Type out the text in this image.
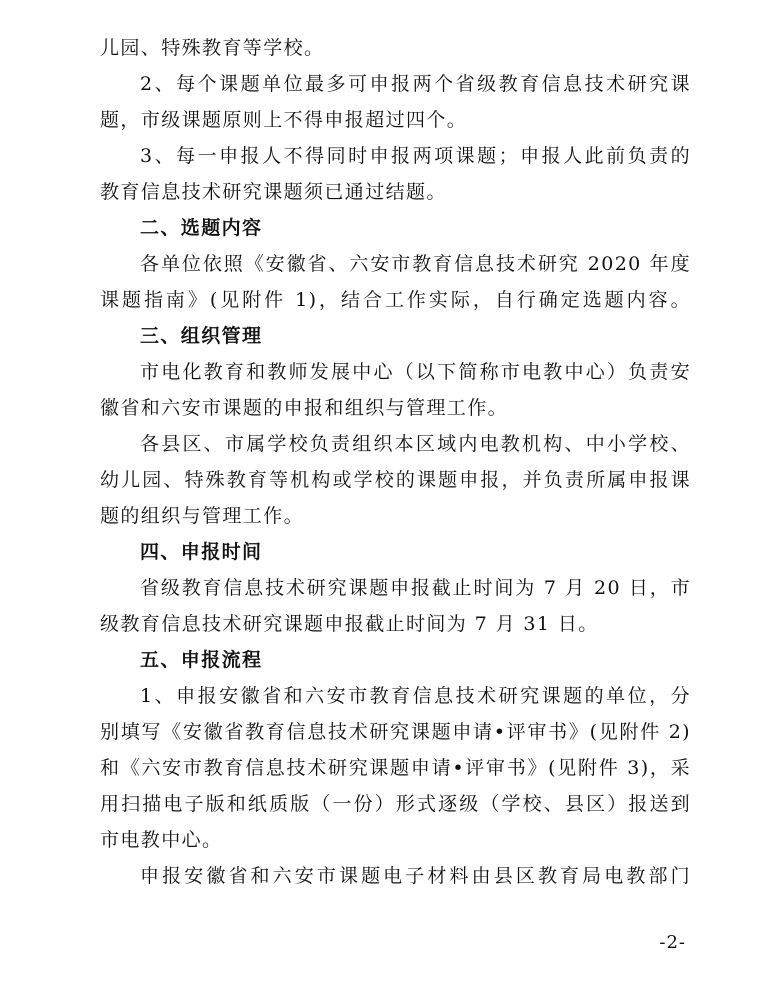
儿园、特殊教育等学校。
2、每个课题单位最多可申报两个省级教育信息技术研究课
题，市级课题原则上不得申报超过四个。
3、每一申报人不得同时申报两项课题；申报人此前负责的
教育信息技术研究课题须已通过结题。
二、选题内容
各单位依照《安徽省、六安市教育信息技术研究 2020 年度
课题指南》(见附件 1)，结合工作实际，自行确定选题内容。
三、组织管理
市电化教育和教师发展中心（以下简称市电教中心）负责安
徽省和六安市课题的申报和组织与管理工作。
各县区、市属学校负责组织本区域内电教机构、中小学校、
幼儿园、特殊教育等机构或学校的课题申报，并负责所属申报课
题的组织与管理工作。
四、申报时间
省级教育信息技术研究课题申报截止时间为 7 月 20 日，市
级教育信息技术研究课题申报截止时间为 7 月 31 日。
五、申报流程
1、申报安徽省和六安市教育信息技术研究课题的单位，分
别填写《安徽省教育信息技术研究课题申请•评审书》(见附件 2)
和《六安市教育信息技术研究课题申请•评审书》(见附件 3)，采
用扫描电子版和纸质版（一份）形式逐级（学校、县区）报送到
市电教中心。
申报安徽省和六安市课题电子材料由县区教育局电教部门
-2-
